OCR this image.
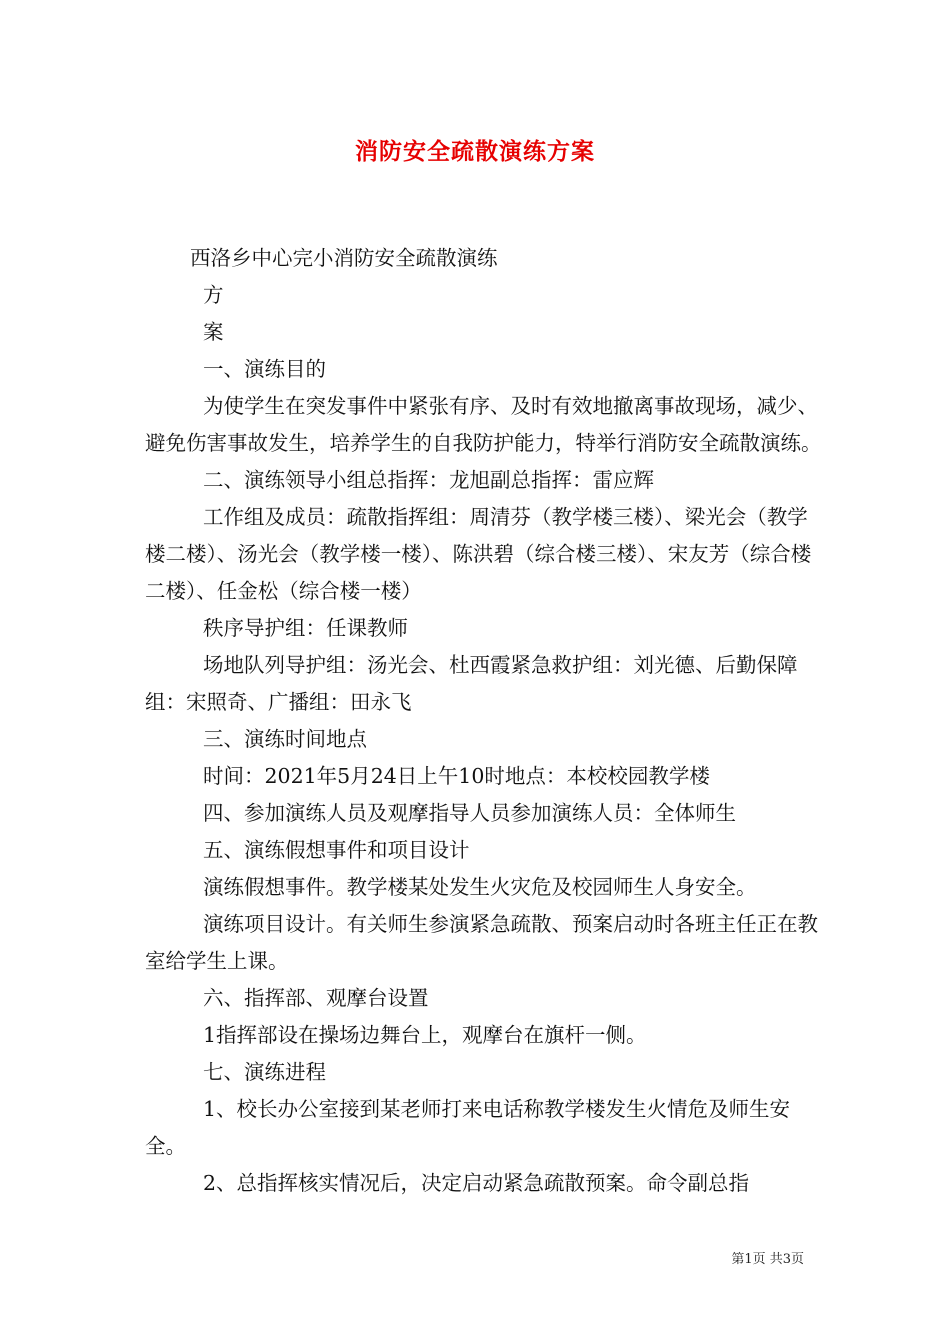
消防安全疏散演练方案

西洛乡中心完小消防安全疏散演练

方

案

一、演练目的

为使学生在突发事件中紧张有序、及时有效地撤离事故现场，减少、避免伤害事故发生，培养学生的自我防护能力，特举行消防安全疏散演练。

二、演练领导小组总指挥：龙旭副总指挥：雷应辉

工作组及成员：疏散指挥组：周清芬（教学楼三楼）、梁光会（教学楼二楼）、汤光会（教学楼一楼）、陈洪碧（综合楼三楼）、宋友芳（综合楼二楼）、任金松（综合楼一楼）

秩序导护组：任课教师

场地队列导护组：汤光会、杜西霞紧急救护组：刘光德、后勤保障组：宋照奇、广播组：田永飞

三、演练时间地点

时间：2021年5月24日上午10时地点：本校校园教学楼

四、参加演练人员及观摩指导人员参加演练人员：全体师生

五、演练假想事件和项目设计

演练假想事件。教学楼某处发生火灾危及校园师生人身安全。

演练项目设计。有关师生参演紧急疏散、预案启动时各班主任正在教室给学生上课。

六、指挥部、观摩台设置

1指挥部设在操场边舞台上，观摩台在旗杆一侧。

七、演练进程

1、校长办公室接到某老师打来电话称教学楼发生火情危及师生安全。

2、总指挥核实情况后，决定启动紧急疏散预案。命令副总指

第1页 共3页
